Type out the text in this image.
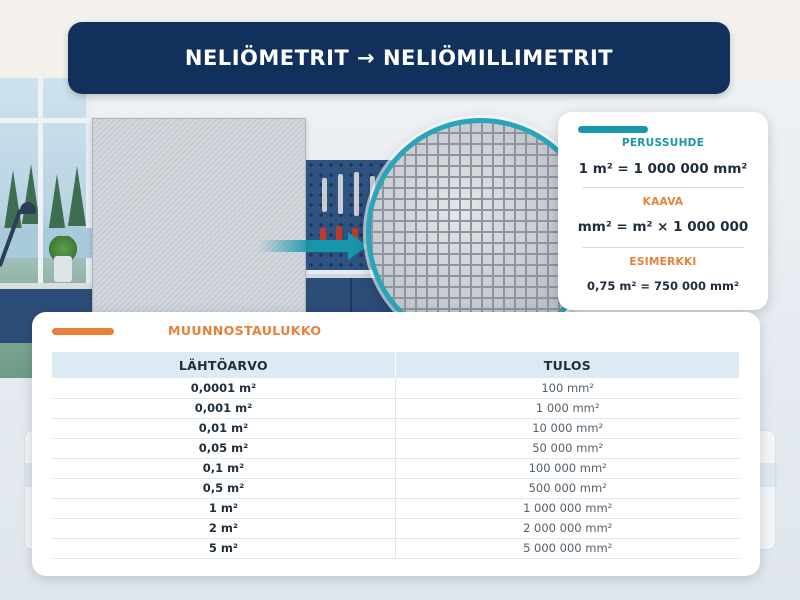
NELIÖMETRIT → NELIÖMILLIMETRIT
PERUSSUHDE
1 m² = 1 000 000 mm²
KAAVA
mm² = m² × 1 000 000
ESIMERKKI
0,75 m² = 750 000 mm²
MUUNNOSTAULUKKO
LÄHTÖARVO	TULOS
0,0001 m²	100 mm²
0,001 m²	1 000 mm²
0,01 m²	10 000 mm²
0,05 m²	50 000 mm²
0,1 m²	100 000 mm²
0,5 m²	500 000 mm²
1 m²	1 000 000 mm²
2 m²	2 000 000 mm²
5 m²	5 000 000 mm²
